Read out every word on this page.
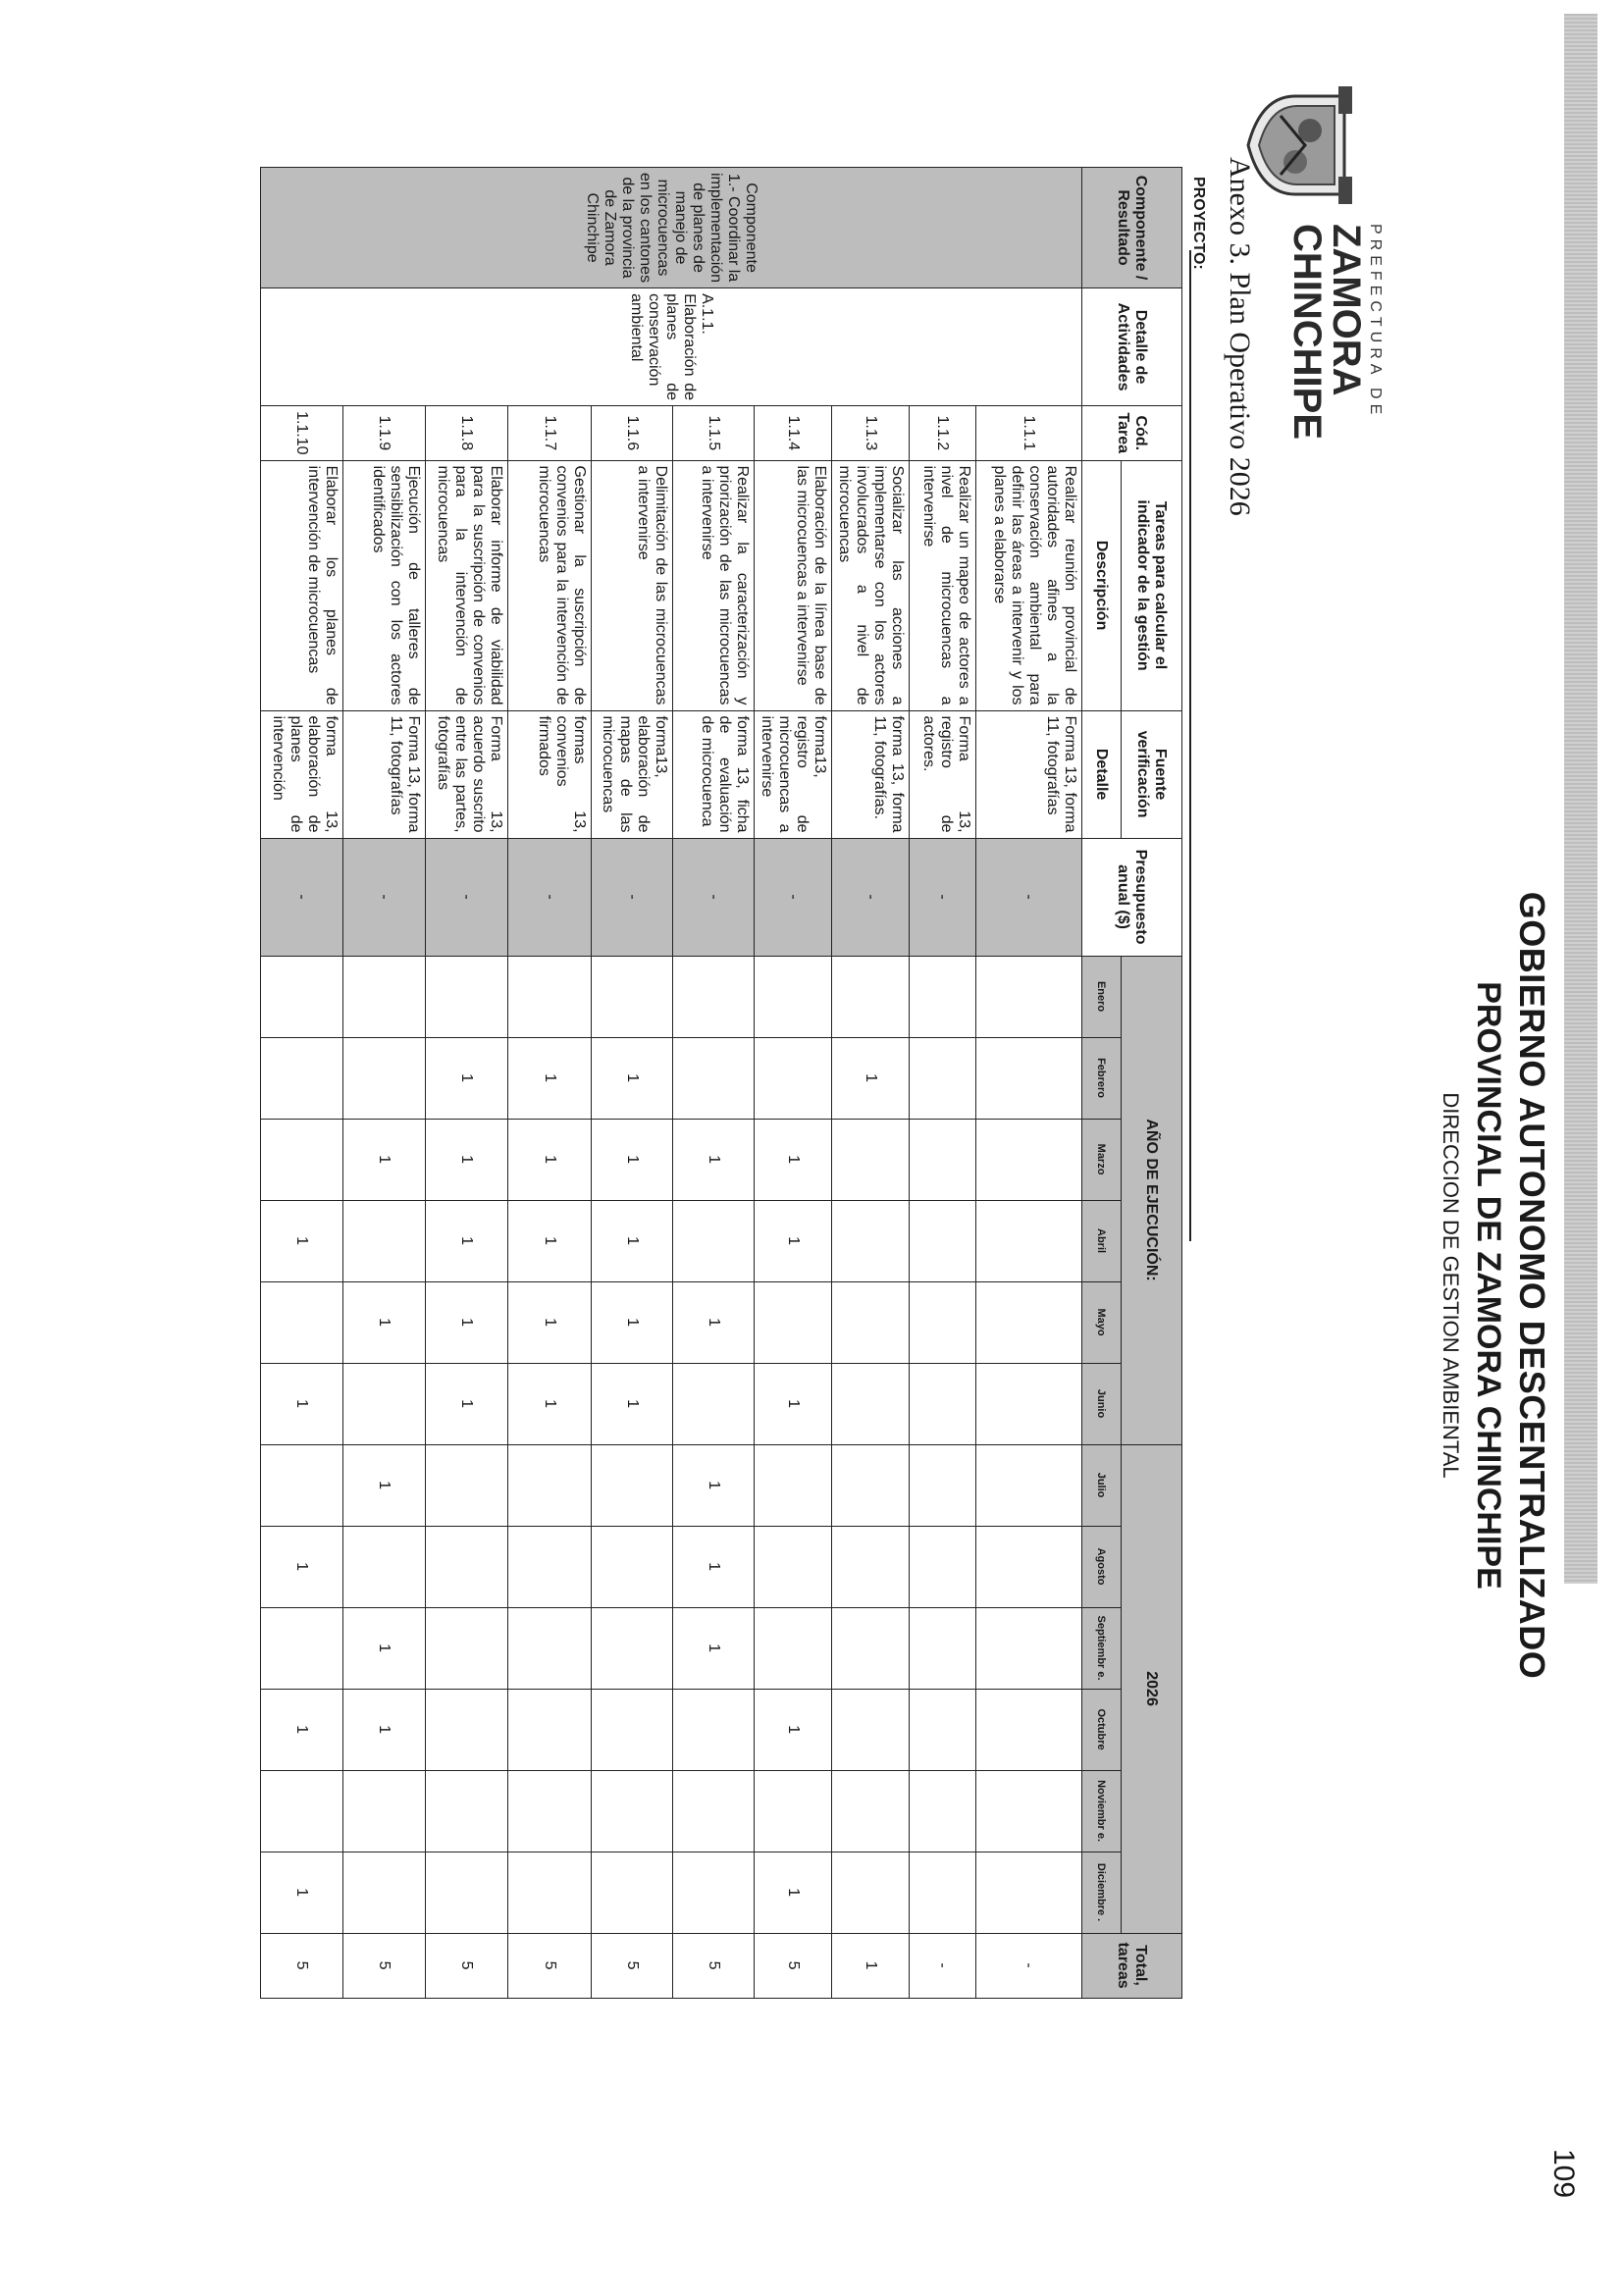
109
GOBIERNO AUTONOMO DESCENTRALIZADO
PROVINCIAL DE ZAMORA CHINCHIPE
DIRECCION DE GESTION AMBIENTAL
PREFECTURA DE
ZAMORA
CHINCHIPE
Anexo 3. Plan Operativo 2026
PROYECTO:
Componente / Resultado	Detalle de Actividades	Cód. Tarea	Tareas para calcular el indicador de la gestión	Fuente verificación	Presupuesto anual ($)	AÑO DE EJECUCIÓN:						2026						Total, tareas
			Descripción	Detalle		Enero	Febrero	Marzo	Abril	Mayo	Junio	Julio	Agosto	Septiembr e.	Octubre	Noviembr e.	Diciembre .	
Componente 1.- Coordinar la implementación de planes de manejo de microcuencas en los cantones de la provincia de Zamora Chinchipe	A.1.1. Elaboración de planes de conservación ambiental	1.1.1	Realizar reunión provincial de autoridades afines a la conservación ambiental para definir las áreas a intervenir y los planes a elaborarse	Forma 13, forma 11, fotografías	-													-
		1.1.2	Realizar un mapeo de actores a nivel de microcuencas a intervenirse	Forma 13, registro de actores.	-													-
		1.1.3	Socializar las acciones a implementarse con los actores involucrados a nivel de microcuencas	forma 13, forma 11, fotografías.	-		1											1
		1.1.4	Elaboración de la línea base de las microcuencas a intervenirse	forma13, registro de microcuencas a intervenirse	-			1	1		1				1		1	5
		1.1.5	Realizar la caracterización y priorización de las microcuencas a intervenirse	forma 13, ficha de evaluación de microcuenca	-			1		1		1	1	1				5
		1.1.6	Delimitación de las microcuencas a intervenirse	forma13, elaboración de mapas de las microcuencas	-		1	1	1	1	1							5
		1.1.7	Gestionar la suscripción de convenios para la intervención de microcuencas	formas 13, convenios firmados	-		1	1	1	1	1							5
		1.1.8	Elaborar informe de viabilidad para la suscripción de convenios para la intervención de microcuencas	Forma 13, acuerdo suscrito entre las partes, fotografías	-		1	1	1	1	1							5
		1.1.9	Ejecución de talleres de sensibilización con los actores identificados	Forma 13, forma 11, fotografías	-			1		1		1		1	1			5
		1.1.10	Elaborar los planes de intervención de microcuencas	forma 13, elaboración de planes de intervención	-				1		1		1		1		1	5
